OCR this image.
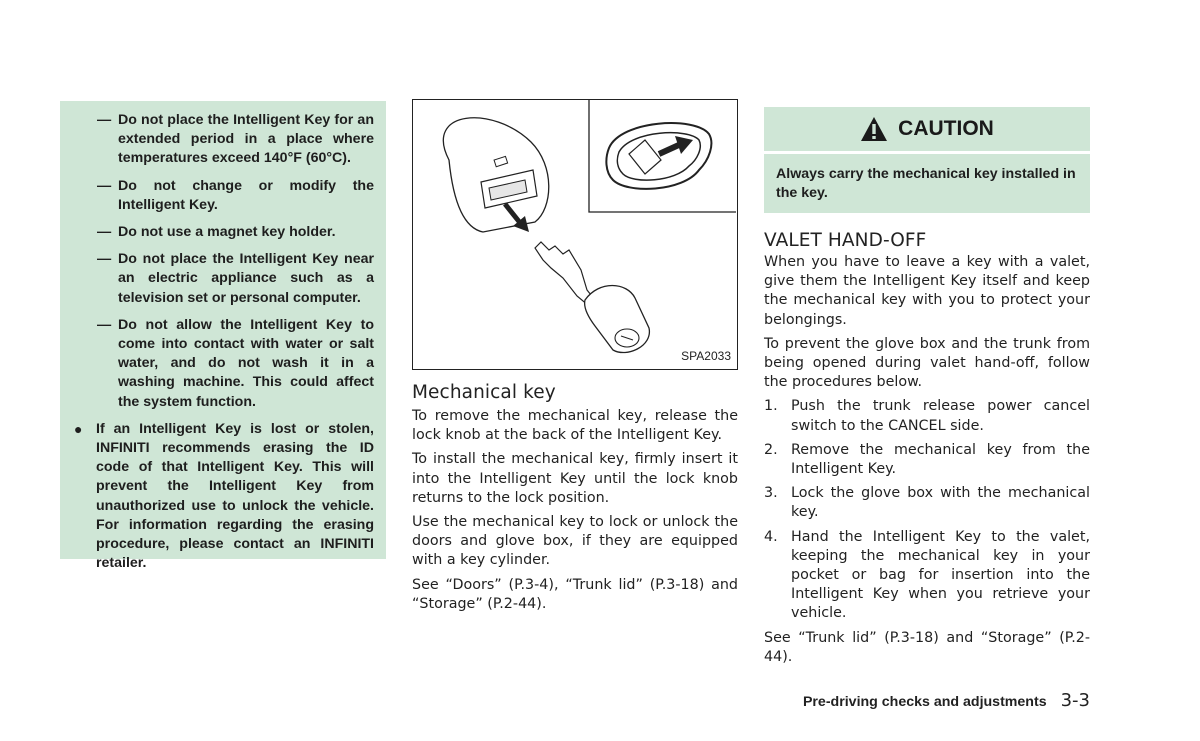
— Do not place the Intelligent Key for an extended period in a place where temperatures exceed 140°F (60°C).
— Do not change or modify the Intelligent Key.
— Do not use a magnet key holder.
— Do not place the Intelligent Key near an electric appliance such as a television set or personal computer.
— Do not allow the Intelligent Key to come into contact with water or salt water, and do not wash it in a washing machine. This could affect the system function.
● If an Intelligent Key is lost or stolen, INFINITI recommends erasing the ID code of that Intelligent Key. This will prevent the Intelligent Key from unauthorized use to unlock the vehicle. For information regarding the erasing procedure, please contact an INFINITI retailer.
SPA2033
Mechanical key

To remove the mechanical key, release the lock knob at the back of the Intelligent Key.

To install the mechanical key, firmly insert it into the Intelligent Key until the lock knob returns to the lock position.

Use the mechanical key to lock or unlock the doors and glove box, if they are equipped with a key cylinder.

See “Doors” (P.3-4), “Trunk lid” (P.3-18) and “Storage” (P.2-44).

CAUTION
Always carry the mechanical key installed in the key.
VALET HAND-OFF

When you have to leave a key with a valet, give them the Intelligent Key itself and keep the mechanical key with you to protect your belongings.

To prevent the glove box and the trunk from being opened during valet hand-off, follow the procedures below.

1. Push the trunk release power cancel switch to the CANCEL side.
2. Remove the mechanical key from the Intelligent Key.
3. Lock the glove box with the mechanical key.
4. Hand the Intelligent Key to the valet, keeping the mechanical key in your pocket or bag for insertion into the Intelligent Key when you retrieve your vehicle.

See “Trunk lid” (P.3-18) and “Storage” (P.2-44).

Pre-driving checks and adjustments 3-3
